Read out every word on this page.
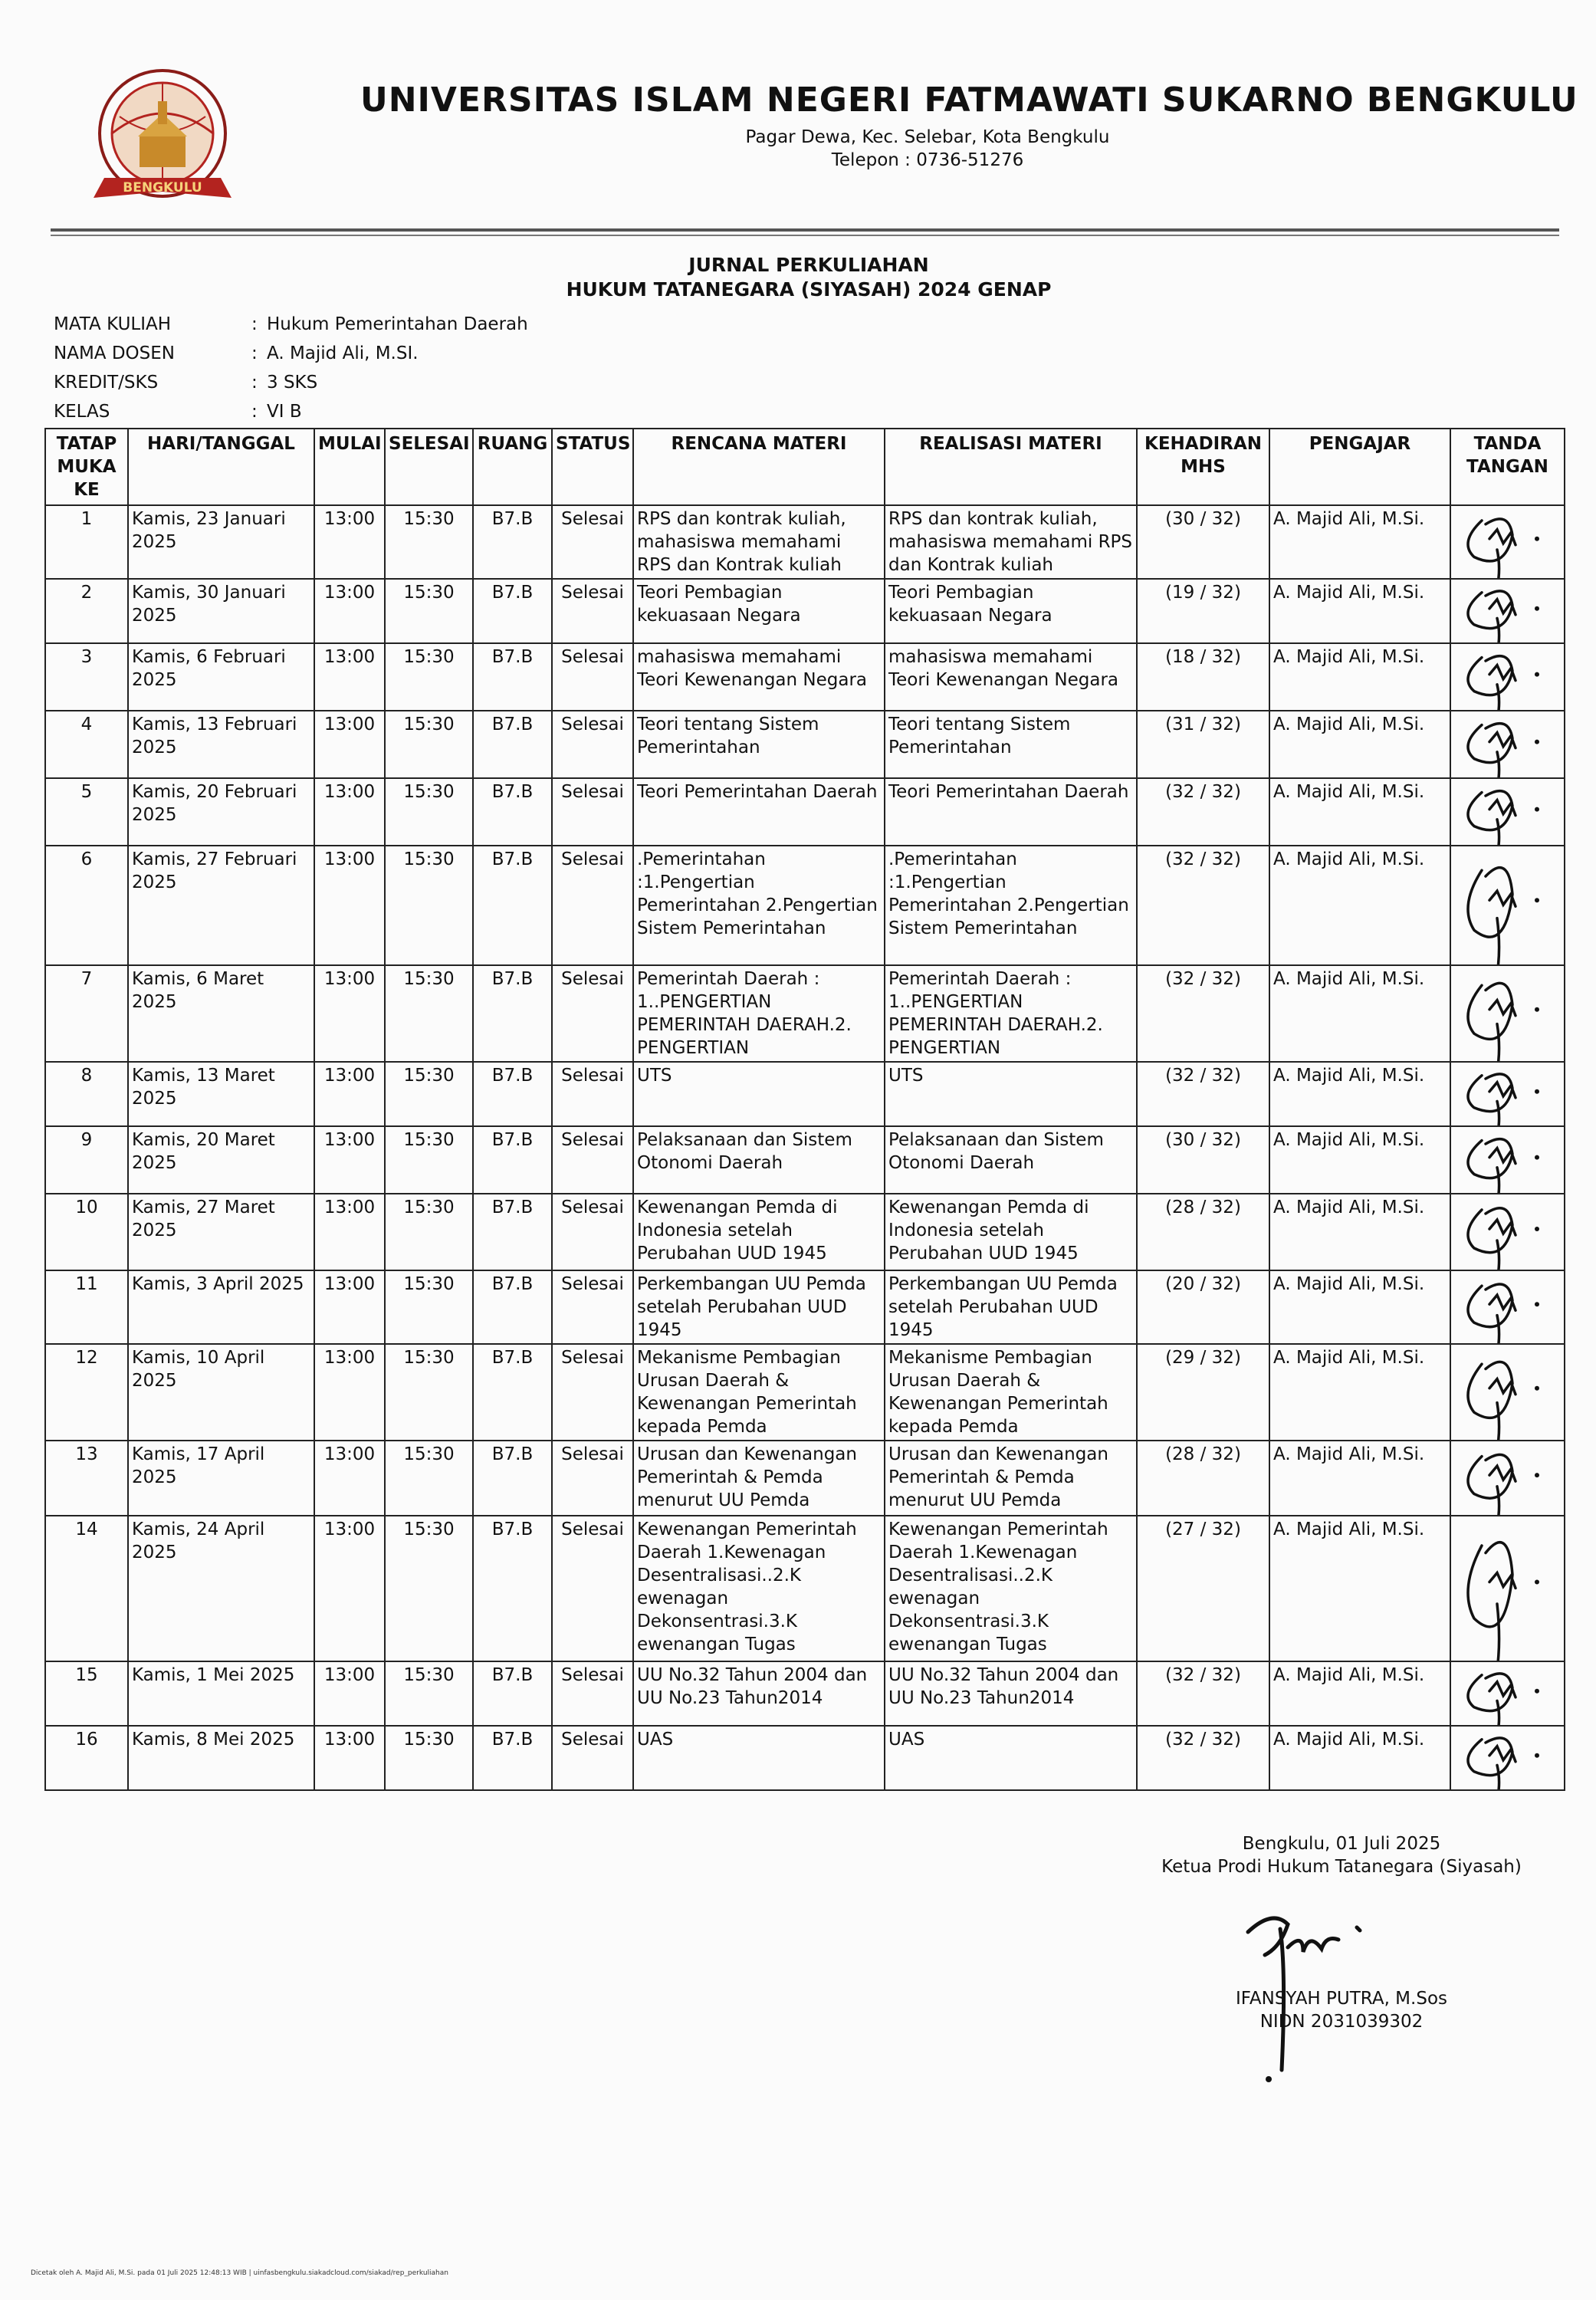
BENGKULU
UNIVERSITAS ISLAM NEGERI FATMAWATI SUKARNO BENGKULU
Pagar Dewa, Kec. Selebar, Kota Bengkulu
Telepon : 0736-51276
JURNAL PERKULIAHAN
HUKUM TATANEGARA (SIYASAH) 2024 GENAP
MATA KULIAH	: Hukum Pemerintahan Daerah
NAMA DOSEN	: A. Majid Ali, M.SI.
KREDIT/SKS	: 3 SKS
KELAS	: VI B
TATAP MUKA KE	HARI/TANGGAL	MULAI	SELESAI	RUANG	STATUS	RENCANA MATERI	REALISASI MATERI	KEHADIRAN MHS	PENGAJAR	TANDA TANGAN
1	Kamis, 23 Januari 2025	13:00	15:30	B7.B	Selesai	RPS dan kontrak kuliah, mahasiswa memahami RPS dan Kontrak kuliah	RPS dan kontrak kuliah, mahasiswa memahami RPS dan Kontrak kuliah	(30 / 32)	A. Majid Ali, M.Si.	

2	Kamis, 30 Januari 2025	13:00	15:30	B7.B	Selesai	Teori Pembagian kekuasaan Negara	Teori Pembagian kekuasaan Negara	(19 / 32)	A. Majid Ali, M.Si.	

3	Kamis, 6 Februari 2025	13:00	15:30	B7.B	Selesai	mahasiswa memahami Teori Kewenangan Negara	mahasiswa memahami Teori Kewenangan Negara	(18 / 32)	A. Majid Ali, M.Si.	

4	Kamis, 13 Februari 2025	13:00	15:30	B7.B	Selesai	Teori tentang Sistem Pemerintahan	Teori tentang Sistem Pemerintahan	(31 / 32)	A. Majid Ali, M.Si.	

5	Kamis, 20 Februari 2025	13:00	15:30	B7.B	Selesai	Teori Pemerintahan Daerah	Teori Pemerintahan Daerah	(32 / 32)	A. Majid Ali, M.Si.	

6	Kamis, 27 Februari 2025	13:00	15:30	B7.B	Selesai	.Pemerintahan :1.Pengertian Pemerintahan 2.Pengertian Sistem Pemerintahan	.Pemerintahan :1.Pengertian Pemerintahan 2.Pengertian Sistem Pemerintahan	(32 / 32)	A. Majid Ali, M.Si.	

7	Kamis, 6 Maret 2025	13:00	15:30	B7.B	Selesai	Pemerintah Daerah : 1..PENGERTIAN PEMERINTAH DAERAH.2. PENGERTIAN	Pemerintah Daerah : 1..PENGERTIAN PEMERINTAH DAERAH.2. PENGERTIAN	(32 / 32)	A. Majid Ali, M.Si.	

8	Kamis, 13 Maret 2025	13:00	15:30	B7.B	Selesai	UTS	UTS	(32 / 32)	A. Majid Ali, M.Si.	

9	Kamis, 20 Maret 2025	13:00	15:30	B7.B	Selesai	Pelaksanaan dan Sistem Otonomi Daerah	Pelaksanaan dan Sistem Otonomi Daerah	(30 / 32)	A. Majid Ali, M.Si.	

10	Kamis, 27 Maret 2025	13:00	15:30	B7.B	Selesai	Kewenangan Pemda di Indonesia setelah Perubahan UUD 1945	Kewenangan Pemda di Indonesia setelah Perubahan UUD 1945	(28 / 32)	A. Majid Ali, M.Si.	

11	Kamis, 3 April 2025	13:00	15:30	B7.B	Selesai	Perkembangan UU Pemda setelah Perubahan UUD 1945	Perkembangan UU Pemda setelah Perubahan UUD 1945	(20 / 32)	A. Majid Ali, M.Si.	

12	Kamis, 10 April 2025	13:00	15:30	B7.B	Selesai	Mekanisme Pembagian Urusan Daerah & Kewenangan Pemerintah kepada Pemda	Mekanisme Pembagian Urusan Daerah & Kewenangan Pemerintah kepada Pemda	(29 / 32)	A. Majid Ali, M.Si.	

13	Kamis, 17 April 2025	13:00	15:30	B7.B	Selesai	Urusan dan Kewenangan Pemerintah & Pemda menurut UU Pemda	Urusan dan Kewenangan Pemerintah & Pemda menurut UU Pemda	(28 / 32)	A. Majid Ali, M.Si.	

14	Kamis, 24 April 2025	13:00	15:30	B7.B	Selesai	Kewenangan Pemerintah Daerah 1.Kewenagan Desentralisasi..2.K ewenagan Dekonsentrasi.3.K ewenangan Tugas	Kewenangan Pemerintah Daerah 1.Kewenagan Desentralisasi..2.K ewenagan Dekonsentrasi.3.K ewenangan Tugas	(27 / 32)	A. Majid Ali, M.Si.	

15	Kamis, 1 Mei 2025	13:00	15:30	B7.B	Selesai	UU No.32 Tahun 2004 dan UU No.23 Tahun2014	UU No.32 Tahun 2004 dan UU No.23 Tahun2014	(32 / 32)	A. Majid Ali, M.Si.	

16	Kamis, 8 Mei 2025	13:00	15:30	B7.B	Selesai	UAS	UAS	(32 / 32)	A. Majid Ali, M.Si.	
Bengkulu, 01 Juli 2025
Ketua Prodi Hukum Tatanegara (Siyasah)
IFANSYAH PUTRA, M.Sos
NIDN 2031039302
Dicetak oleh A. Majid Ali, M.Si. pada 01 Juli 2025 12:48:13 WIB | uinfasbengkulu.siakadcloud.com/siakad/rep_perkuliahan
